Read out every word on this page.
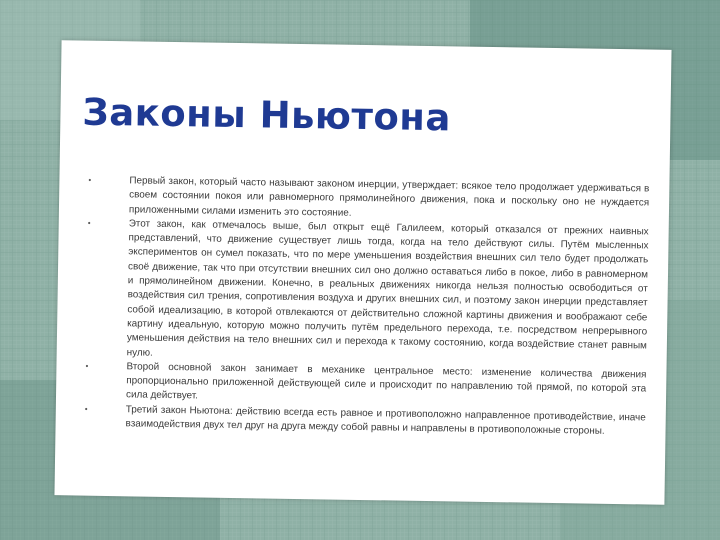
Законы Ньютона
•	Первый закон, который часто называют законом инерции, утверждает: всякое тело продолжает удерживаться в своем состоянии покоя или равномерного прямолинейного движения, пока и поскольку оно не нуждается приложенными силами изменить это состояние.
•	Этот закон, как отмечалось выше, был открыт ещё Галилеем, который отказался от прежних наивных представлений, что движение существует лишь тогда, когда на тело действуют силы. Путём мысленных экспериментов он сумел показать, что по мере уменьшения воздействия внешних сил тело будет продолжать своё движение, так что при отсутствии внешних сил оно должно оставаться либо в покое, либо в равномерном и прямолинейном движении. Конечно, в реальных движениях никогда нельзя полностью освободиться от воздействия сил трения, сопротивления воздуха и других внешних сил, и поэтому закон инерции представляет собой идеализацию, в которой отвлекаются от действительно сложной картины движения и воображают себе картину идеальную, которую можно получить путём предельного перехода, т.е. посредством непрерывного уменьшения действия на тело внешних сил и перехода к такому состоянию, когда воздействие станет равным нулю.
•	Второй основной закон занимает в механике центральное место: изменение количества движения пропорционально приложенной действующей силе и происходит по направлению той прямой, по которой эта сила действует.
•	Третий закон Ньютона: действию всегда есть равное и противоположно направленное противодействие, иначе взаимодействия двух тел друг на друга между собой равны и направлены в противоположные стороны.
